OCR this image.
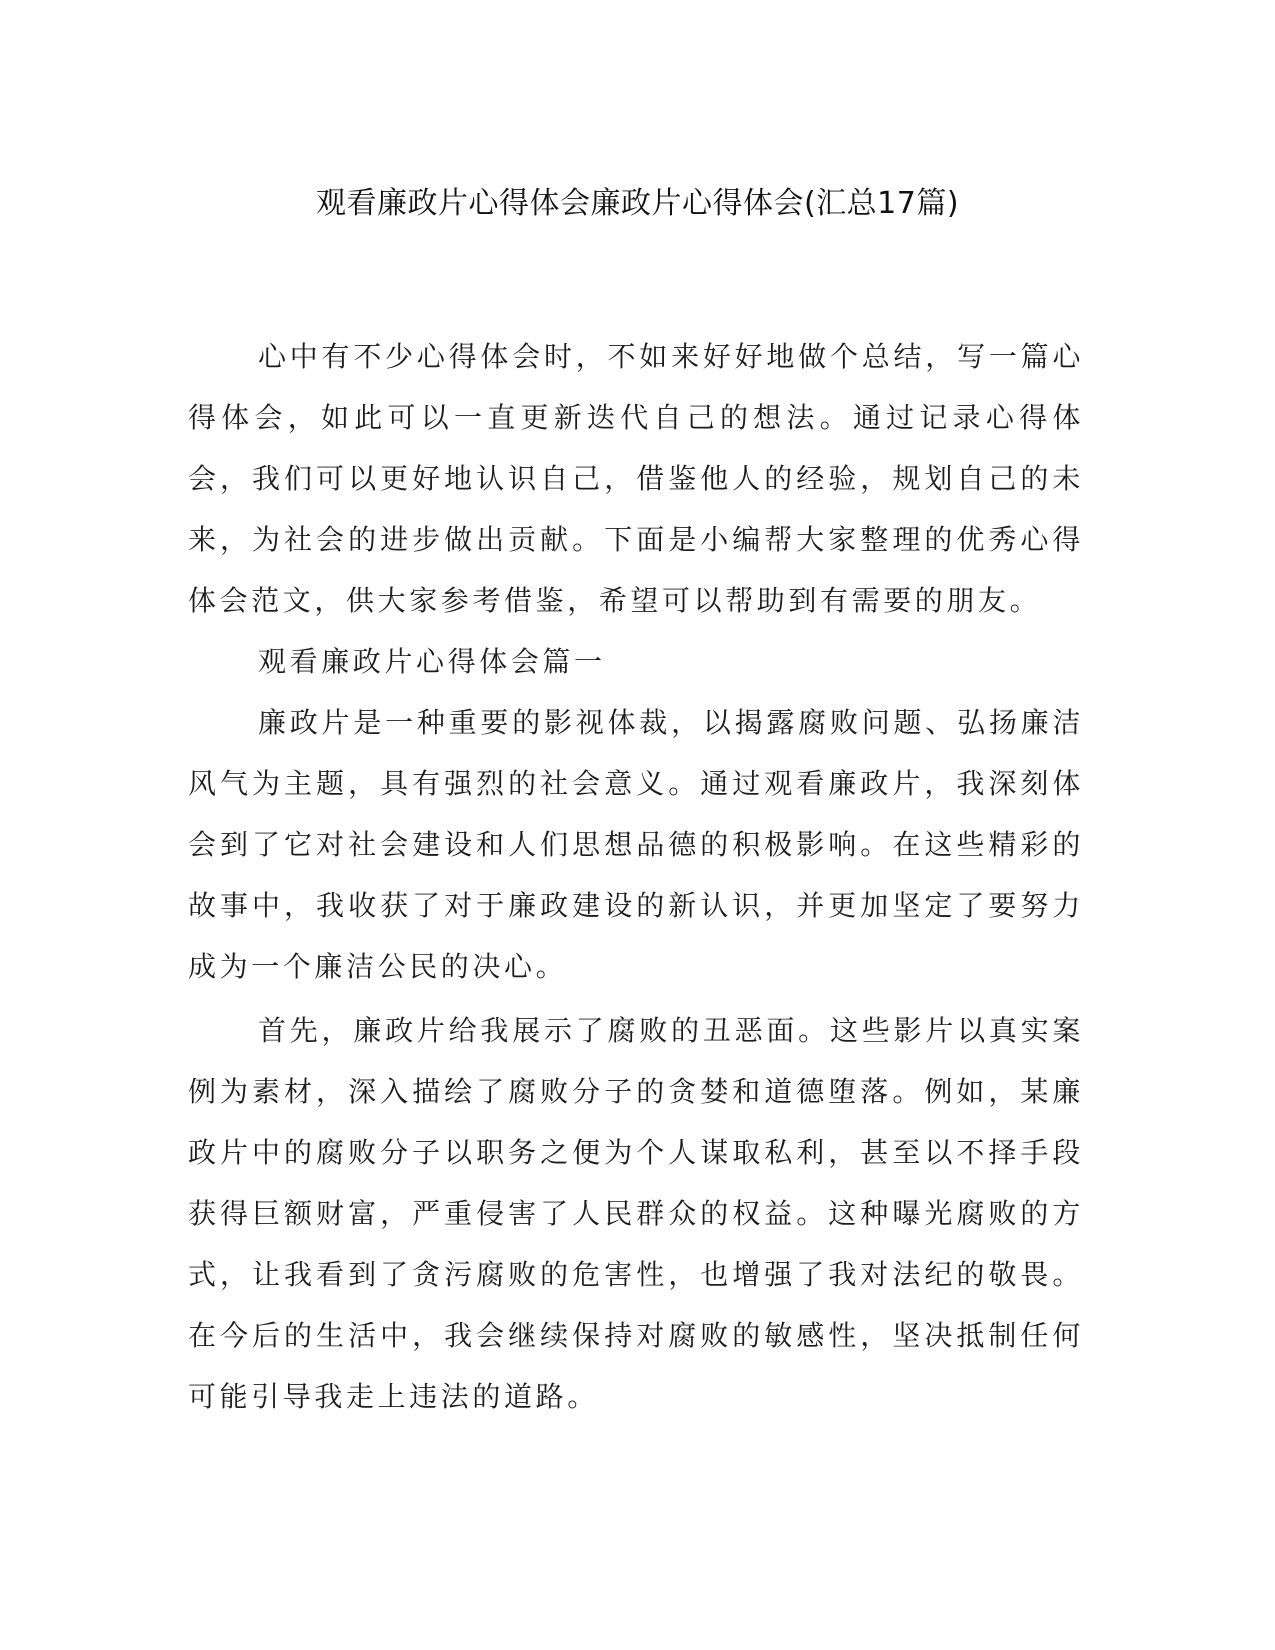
观看廉政片心得体会廉政片心得体会(汇总17篇)

心中有不少心得体会时，不如来好好地做个总结，写一篇心得体会，如此可以一直更新迭代自己的想法。通过记录心得体会，我们可以更好地认识自己，借鉴他人的经验，规划自己的未来，为社会的进步做出贡献。下面是小编帮大家整理的优秀心得体会范文，供大家参考借鉴，希望可以帮助到有需要的朋友。

观看廉政片心得体会篇一

廉政片是一种重要的影视体裁，以揭露腐败问题、弘扬廉洁风气为主题，具有强烈的社会意义。通过观看廉政片，我深刻体会到了它对社会建设和人们思想品德的积极影响。在这些精彩的故事中，我收获了对于廉政建设的新认识，并更加坚定了要努力成为一个廉洁公民的决心。

首先，廉政片给我展示了腐败的丑恶面。这些影片以真实案例为素材，深入描绘了腐败分子的贪婪和道德堕落。例如，某廉政片中的腐败分子以职务之便为个人谋取私利，甚至以不择手段获得巨额财富，严重侵害了人民群众的权益。这种曝光腐败的方式，让我看到了贪污腐败的危害性，也增强了我对法纪的敬畏。在今后的生活中，我会继续保持对腐败的敏感性，坚决抵制任何可能引导我走上违法的道路。
